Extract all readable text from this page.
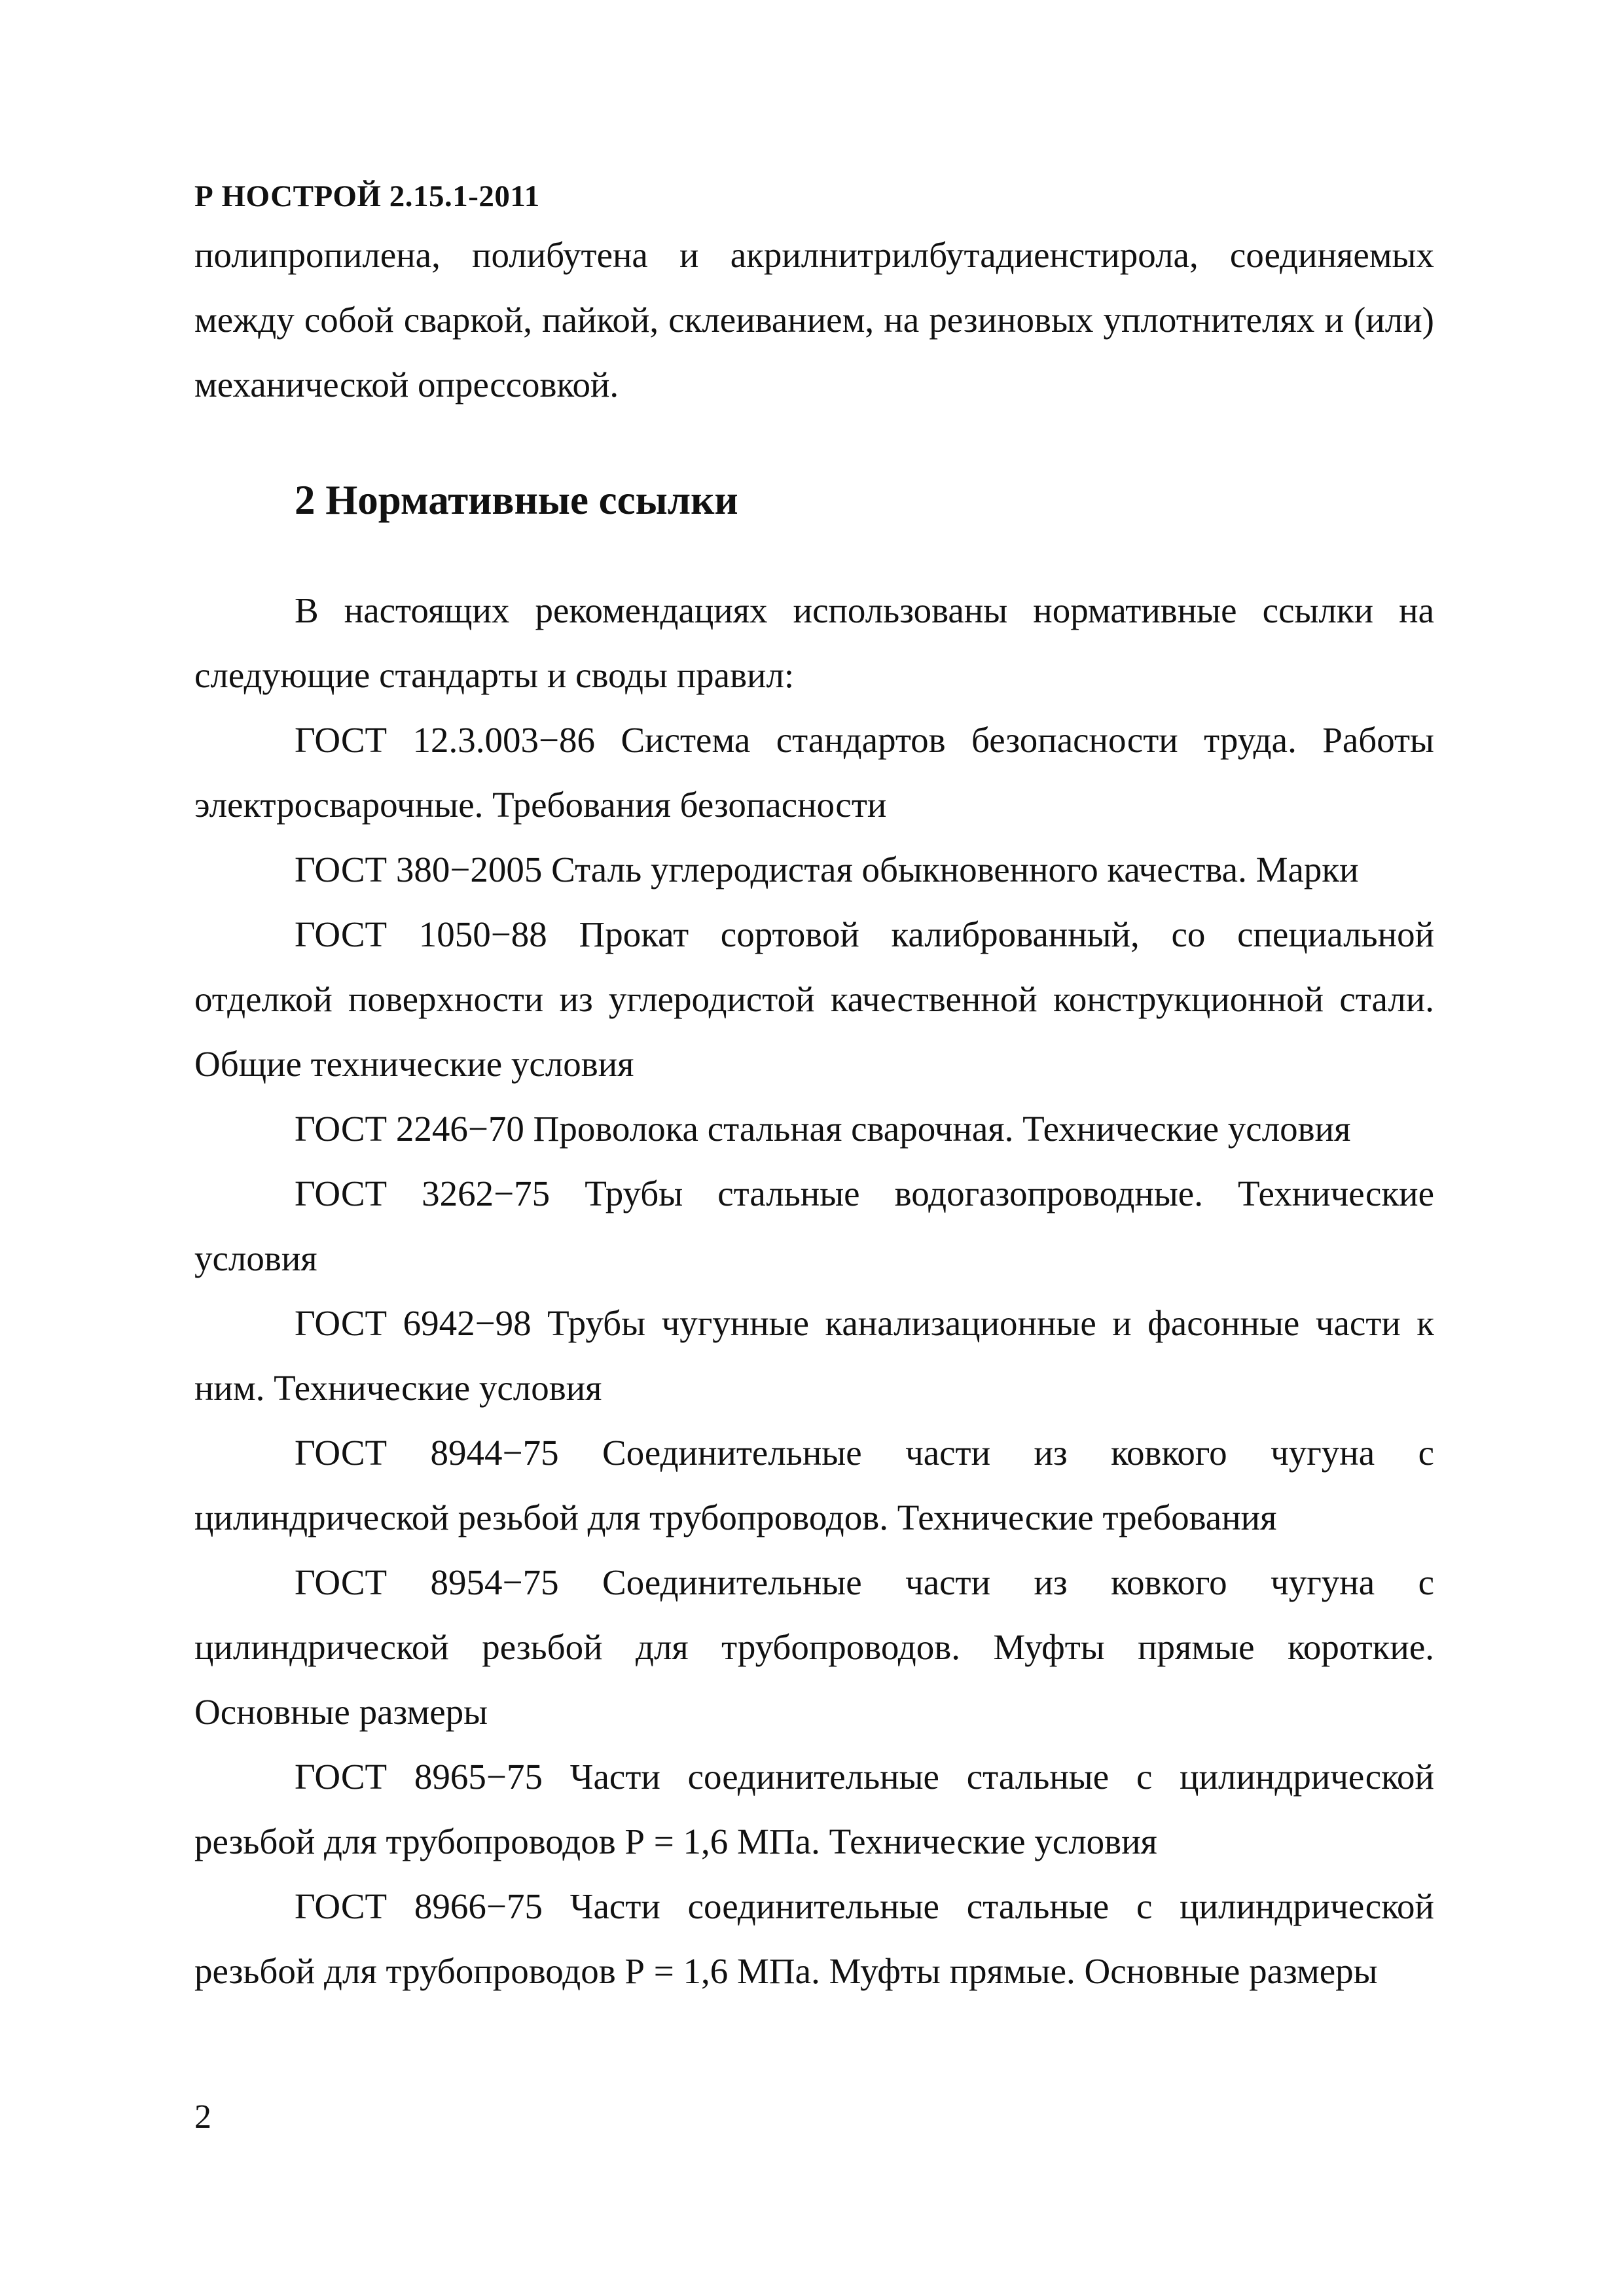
Р НОСТРОЙ 2.15.1-2011

полипропилена, полибутена и акрилнитрилбутадиенстирола, соединяемых между собой сваркой, пайкой, склеиванием, на резиновых уплотнителях и (или) механической опрессовкой.

2 Нормативные ссылки

В настоящих рекомендациях использованы нормативные ссылки на следующие стандарты и своды правил:

ГОСТ 12.3.003−86 Система стандартов безопасности труда. Работы электросварочные. Требования безопасности

ГОСТ 380−2005 Сталь углеродистая обыкновенного качества. Марки

ГОСТ 1050−88 Прокат сортовой калиброванный, со специальной отделкой поверхности из углеродистой качественной конструкционной стали. Общие технические условия

ГОСТ 2246−70 Проволока стальная сварочная. Технические условия

ГОСТ 3262−75 Трубы стальные водогазопроводные. Технические условия

ГОСТ 6942−98 Трубы чугунные канализационные и фасонные части к ним. Технические условия

ГОСТ 8944−75 Соединительные части из ковкого чугуна с цилиндрической резьбой для трубопроводов. Технические требования

ГОСТ 8954−75 Соединительные части из ковкого чугуна с цилиндрической резьбой для трубопроводов. Муфты прямые короткие. Основные размеры

ГОСТ 8965−75 Части соединительные стальные с цилиндрической резьбой для трубопроводов Р = 1,6 МПа. Технические условия

ГОСТ 8966−75 Части соединительные стальные с цилиндрической резьбой для трубопроводов Р = 1,6 МПа. Муфты прямые. Основные размеры

2
